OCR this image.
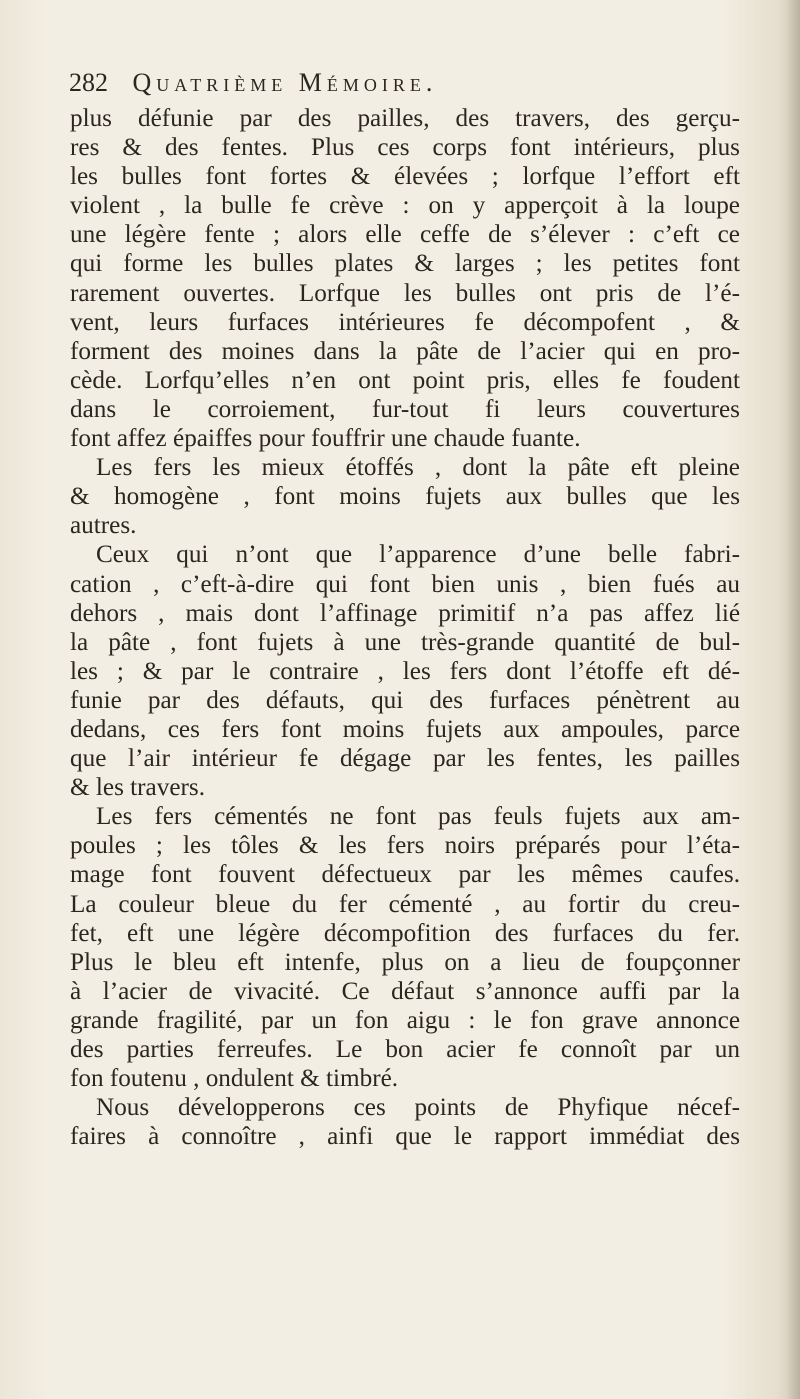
282 Quatrième Mémoire.
plus défunie par des pailles, des travers, des gerçu-
res & des fentes. Plus ces corps font intérieurs, plus
les bulles font fortes & élevées ; lorfque l’effort eft
violent , la bulle fe crève : on y apperçoit à la loupe
une légère fente ; alors elle ceffe de s’élever : c’eft ce
qui forme les bulles plates & larges ; les petites font
rarement ouvertes. Lorfque les bulles ont pris de l’é-
vent, leurs furfaces intérieures fe décompofent , &
forment des moines dans la pâte de l’acier qui en pro-
cède. Lorfqu’elles n’en ont point pris, elles fe foudent
dans le corroiement, fur-tout fi leurs couvertures
font affez épaiffes pour fouffrir une chaude fuante.
Les fers les mieux étoffés , dont la pâte eft pleine
& homogène , font moins fujets aux bulles que les
autres.
Ceux qui n’ont que l’apparence d’une belle fabri-
cation , c’eft-à-dire qui font bien unis , bien fués au
dehors , mais dont l’affinage primitif n’a pas affez lié
la pâte , font fujets à une très-grande quantité de bul-
les ; & par le contraire , les fers dont l’étoffe eft dé-
funie par des défauts, qui des furfaces pénètrent au
dedans, ces fers font moins fujets aux ampoules, parce
que l’air intérieur fe dégage par les fentes, les pailles
& les travers.
Les fers cémentés ne font pas feuls fujets aux am-
poules ; les tôles & les fers noirs préparés pour l’éta-
mage font fouvent défectueux par les mêmes caufes.
La couleur bleue du fer cémenté , au fortir du creu-
fet, eft une légère décompofition des furfaces du fer.
Plus le bleu eft intenfe, plus on a lieu de foupçonner
à l’acier de vivacité. Ce défaut s’annonce auffi par la
grande fragilité, par un fon aigu : le fon grave annonce
des parties ferreufes. Le bon acier fe connoît par un
fon foutenu , ondulent & timbré.
Nous développerons ces points de Phyfique nécef-
faires à connoître , ainfi que le rapport immédiat des
